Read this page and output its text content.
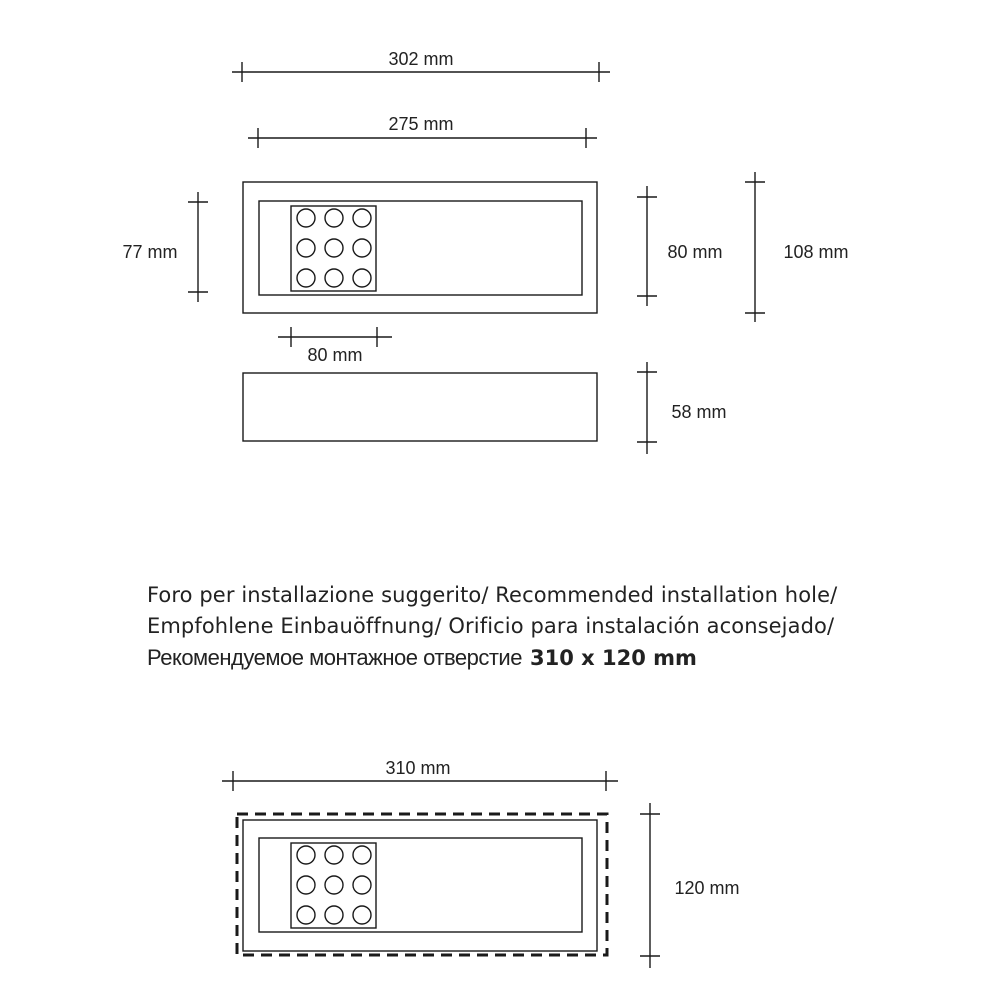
302 mm
275 mm
77 mm	80 mm	108 mm
80 mm
58 mm
310 mm
120 mm
Foro per installazione suggerito/ Recommended installation hole/
Empfohlene Einbauöffnung/ Orificio para instalación aconsejado/
Рекомендуемое монтажное отверстие 310 x 120 mm
